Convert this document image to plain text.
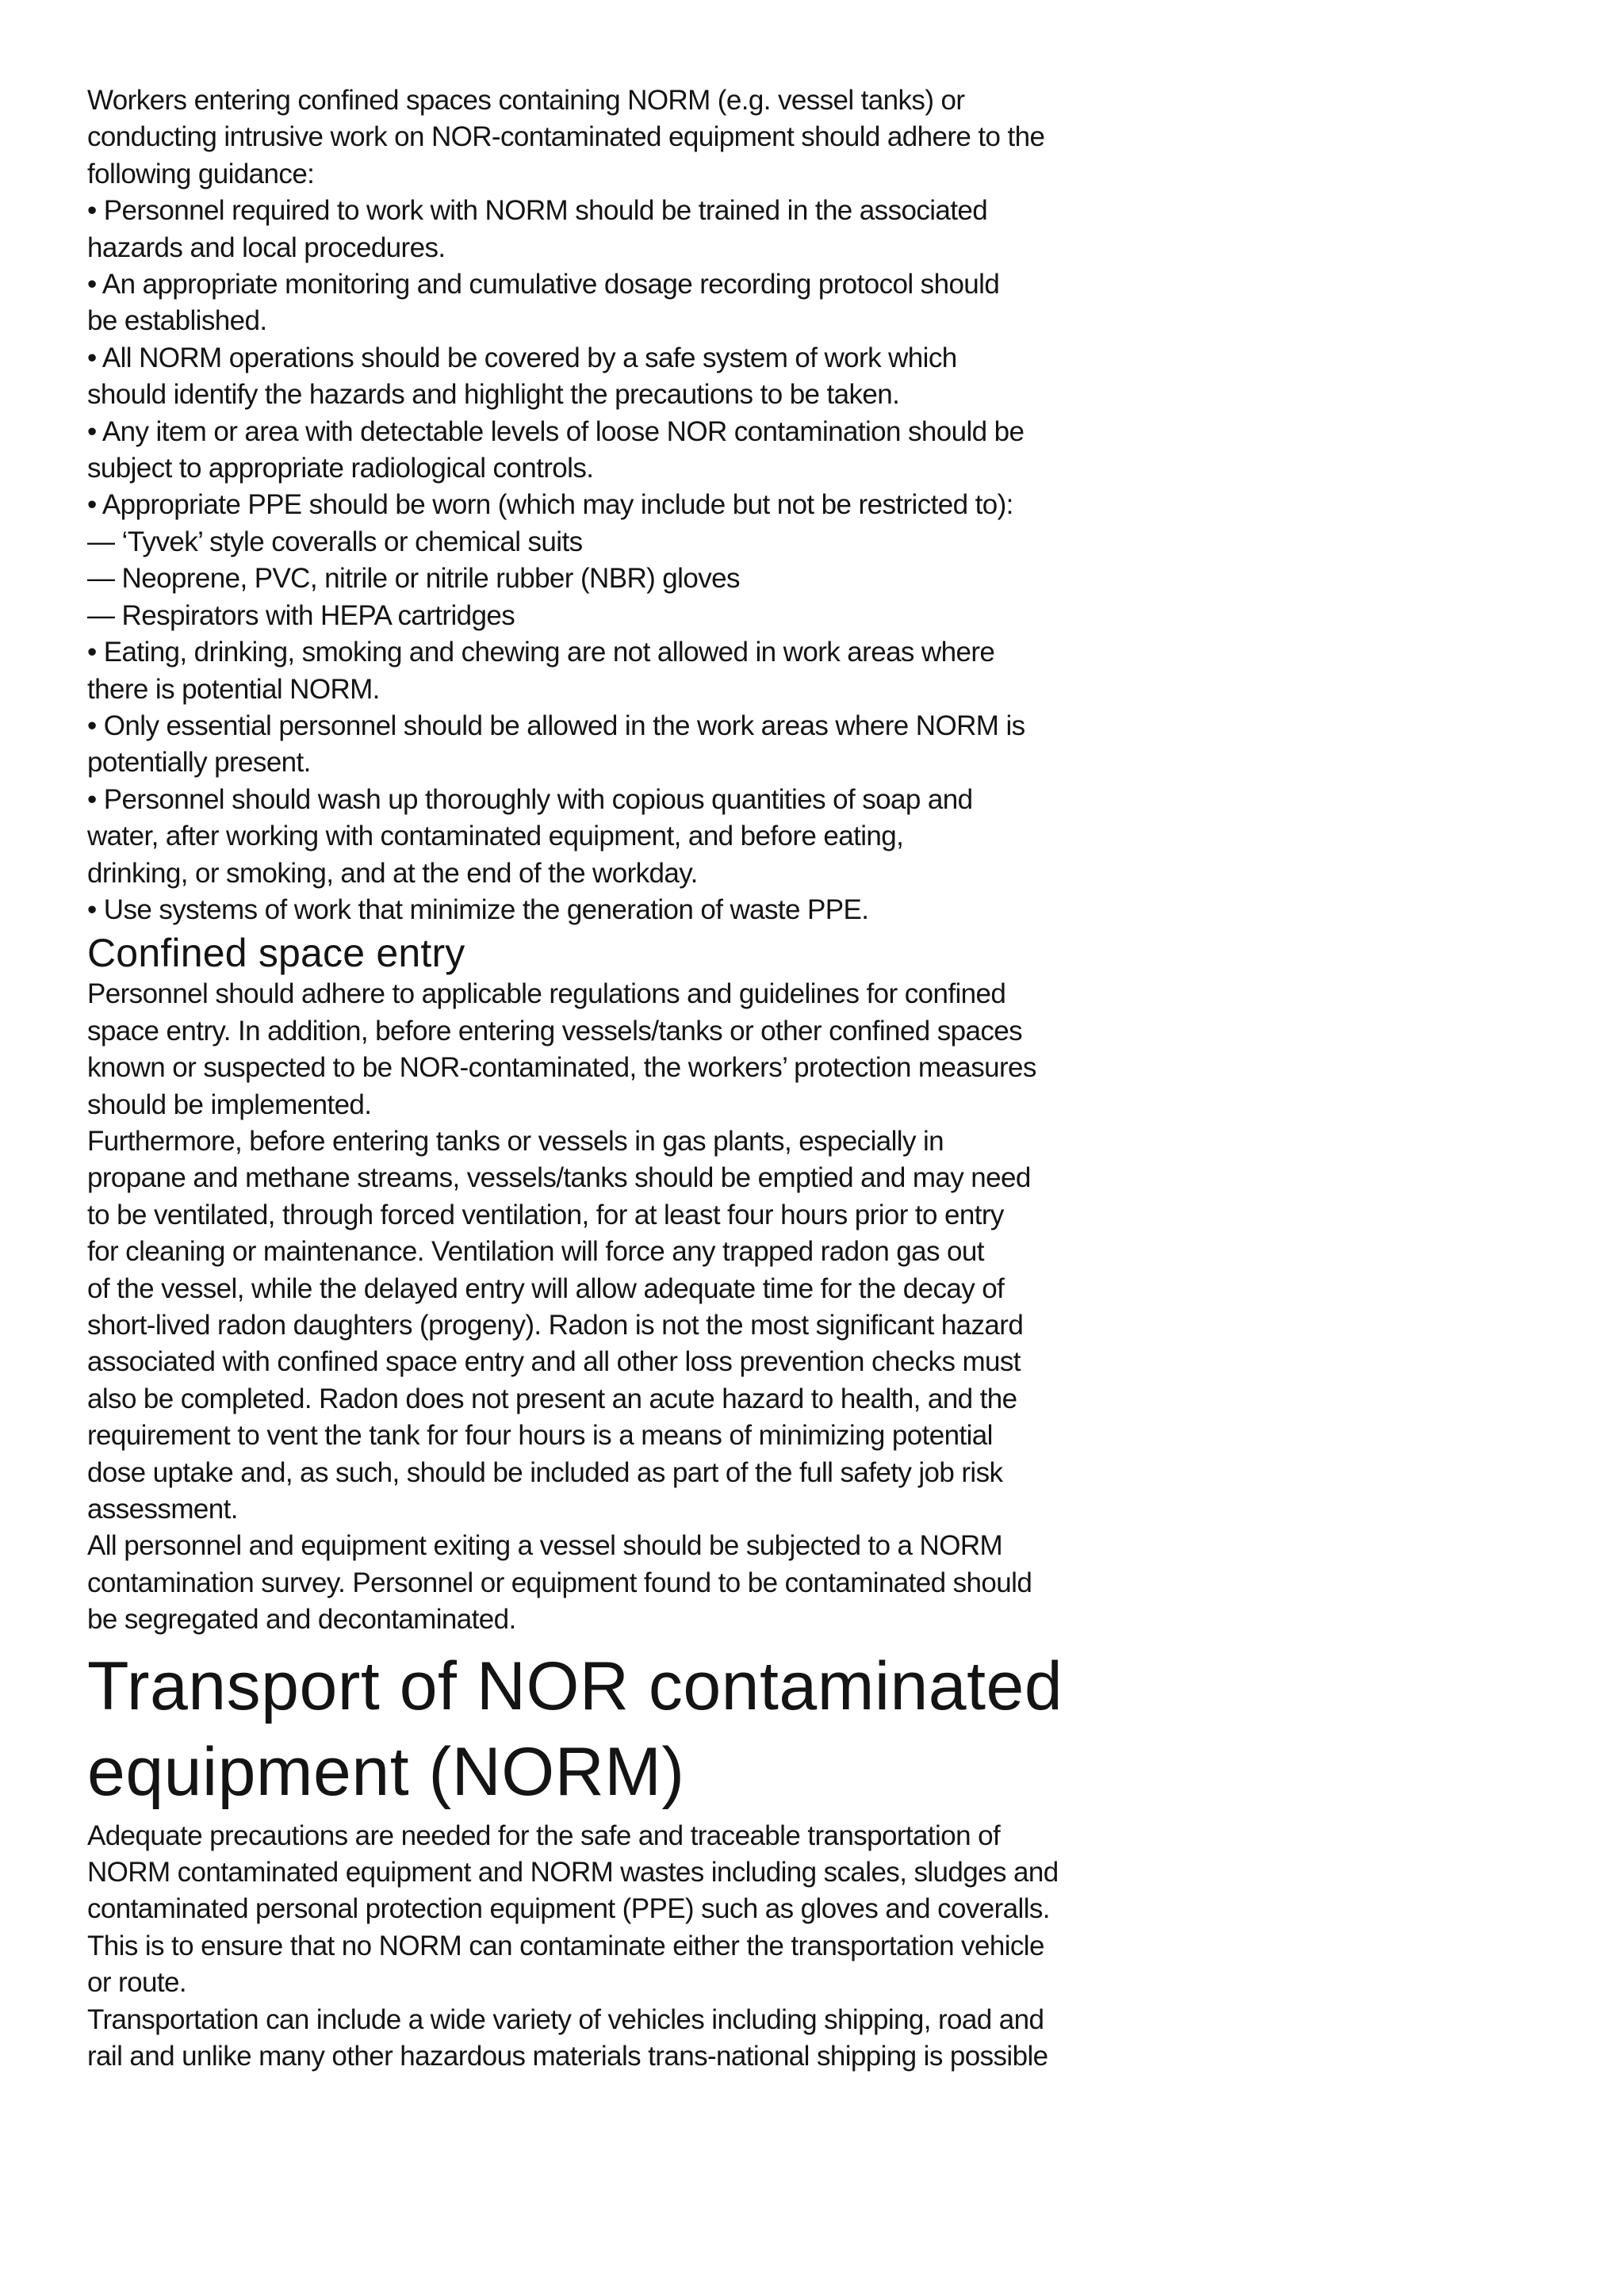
Workers entering confined spaces containing NORM (e.g. vessel tanks) or
conducting intrusive work on NOR-contaminated equipment should adhere to the
following guidance:
• Personnel required to work with NORM should be trained in the associated
hazards and local procedures.
• An appropriate monitoring and cumulative dosage recording protocol should
be established.
• All NORM operations should be covered by a safe system of work which
should identify the hazards and highlight the precautions to be taken.
• Any item or area with detectable levels of loose NOR contamination should be
subject to appropriate radiological controls.
• Appropriate PPE should be worn (which may include but not be restricted to):
— ‘Tyvek’ style coveralls or chemical suits
— Neoprene, PVC, nitrile or nitrile rubber (NBR) gloves
— Respirators with HEPA cartridges
• Eating, drinking, smoking and chewing are not allowed in work areas where
there is potential NORM.
• Only essential personnel should be allowed in the work areas where NORM is
potentially present.
• Personnel should wash up thoroughly with copious quantities of soap and
water, after working with contaminated equipment, and before eating,
drinking, or smoking, and at the end of the workday.
• Use systems of work that minimize the generation of waste PPE.
Confined space entry
Personnel should adhere to applicable regulations and guidelines for confined
space entry. In addition, before entering vessels/tanks or other confined spaces
known or suspected to be NOR-contaminated, the workers’ protection measures
should be implemented.
Furthermore, before entering tanks or vessels in gas plants, especially in
propane and methane streams, vessels/tanks should be emptied and may need
to be ventilated, through forced ventilation, for at least four hours prior to entry
for cleaning or maintenance. Ventilation will force any trapped radon gas out
of the vessel, while the delayed entry will allow adequate time for the decay of
short-lived radon daughters (progeny). Radon is not the most significant hazard
associated with confined space entry and all other loss prevention checks must
also be completed. Radon does not present an acute hazard to health, and the
requirement to vent the tank for four hours is a means of minimizing potential
dose uptake and, as such, should be included as part of the full safety job risk
assessment.
All personnel and equipment exiting a vessel should be subjected to a NORM
contamination survey. Personnel or equipment found to be contaminated should
be segregated and decontaminated.
Transport of NOR contaminated
equipment (NORM)
Adequate precautions are needed for the safe and traceable transportation of
NORM contaminated equipment and NORM wastes including scales, sludges and
contaminated personal protection equipment (PPE) such as gloves and coveralls.
This is to ensure that no NORM can contaminate either the transportation vehicle
or route.
Transportation can include a wide variety of vehicles including shipping, road and
rail and unlike many other hazardous materials trans-national shipping is possible
